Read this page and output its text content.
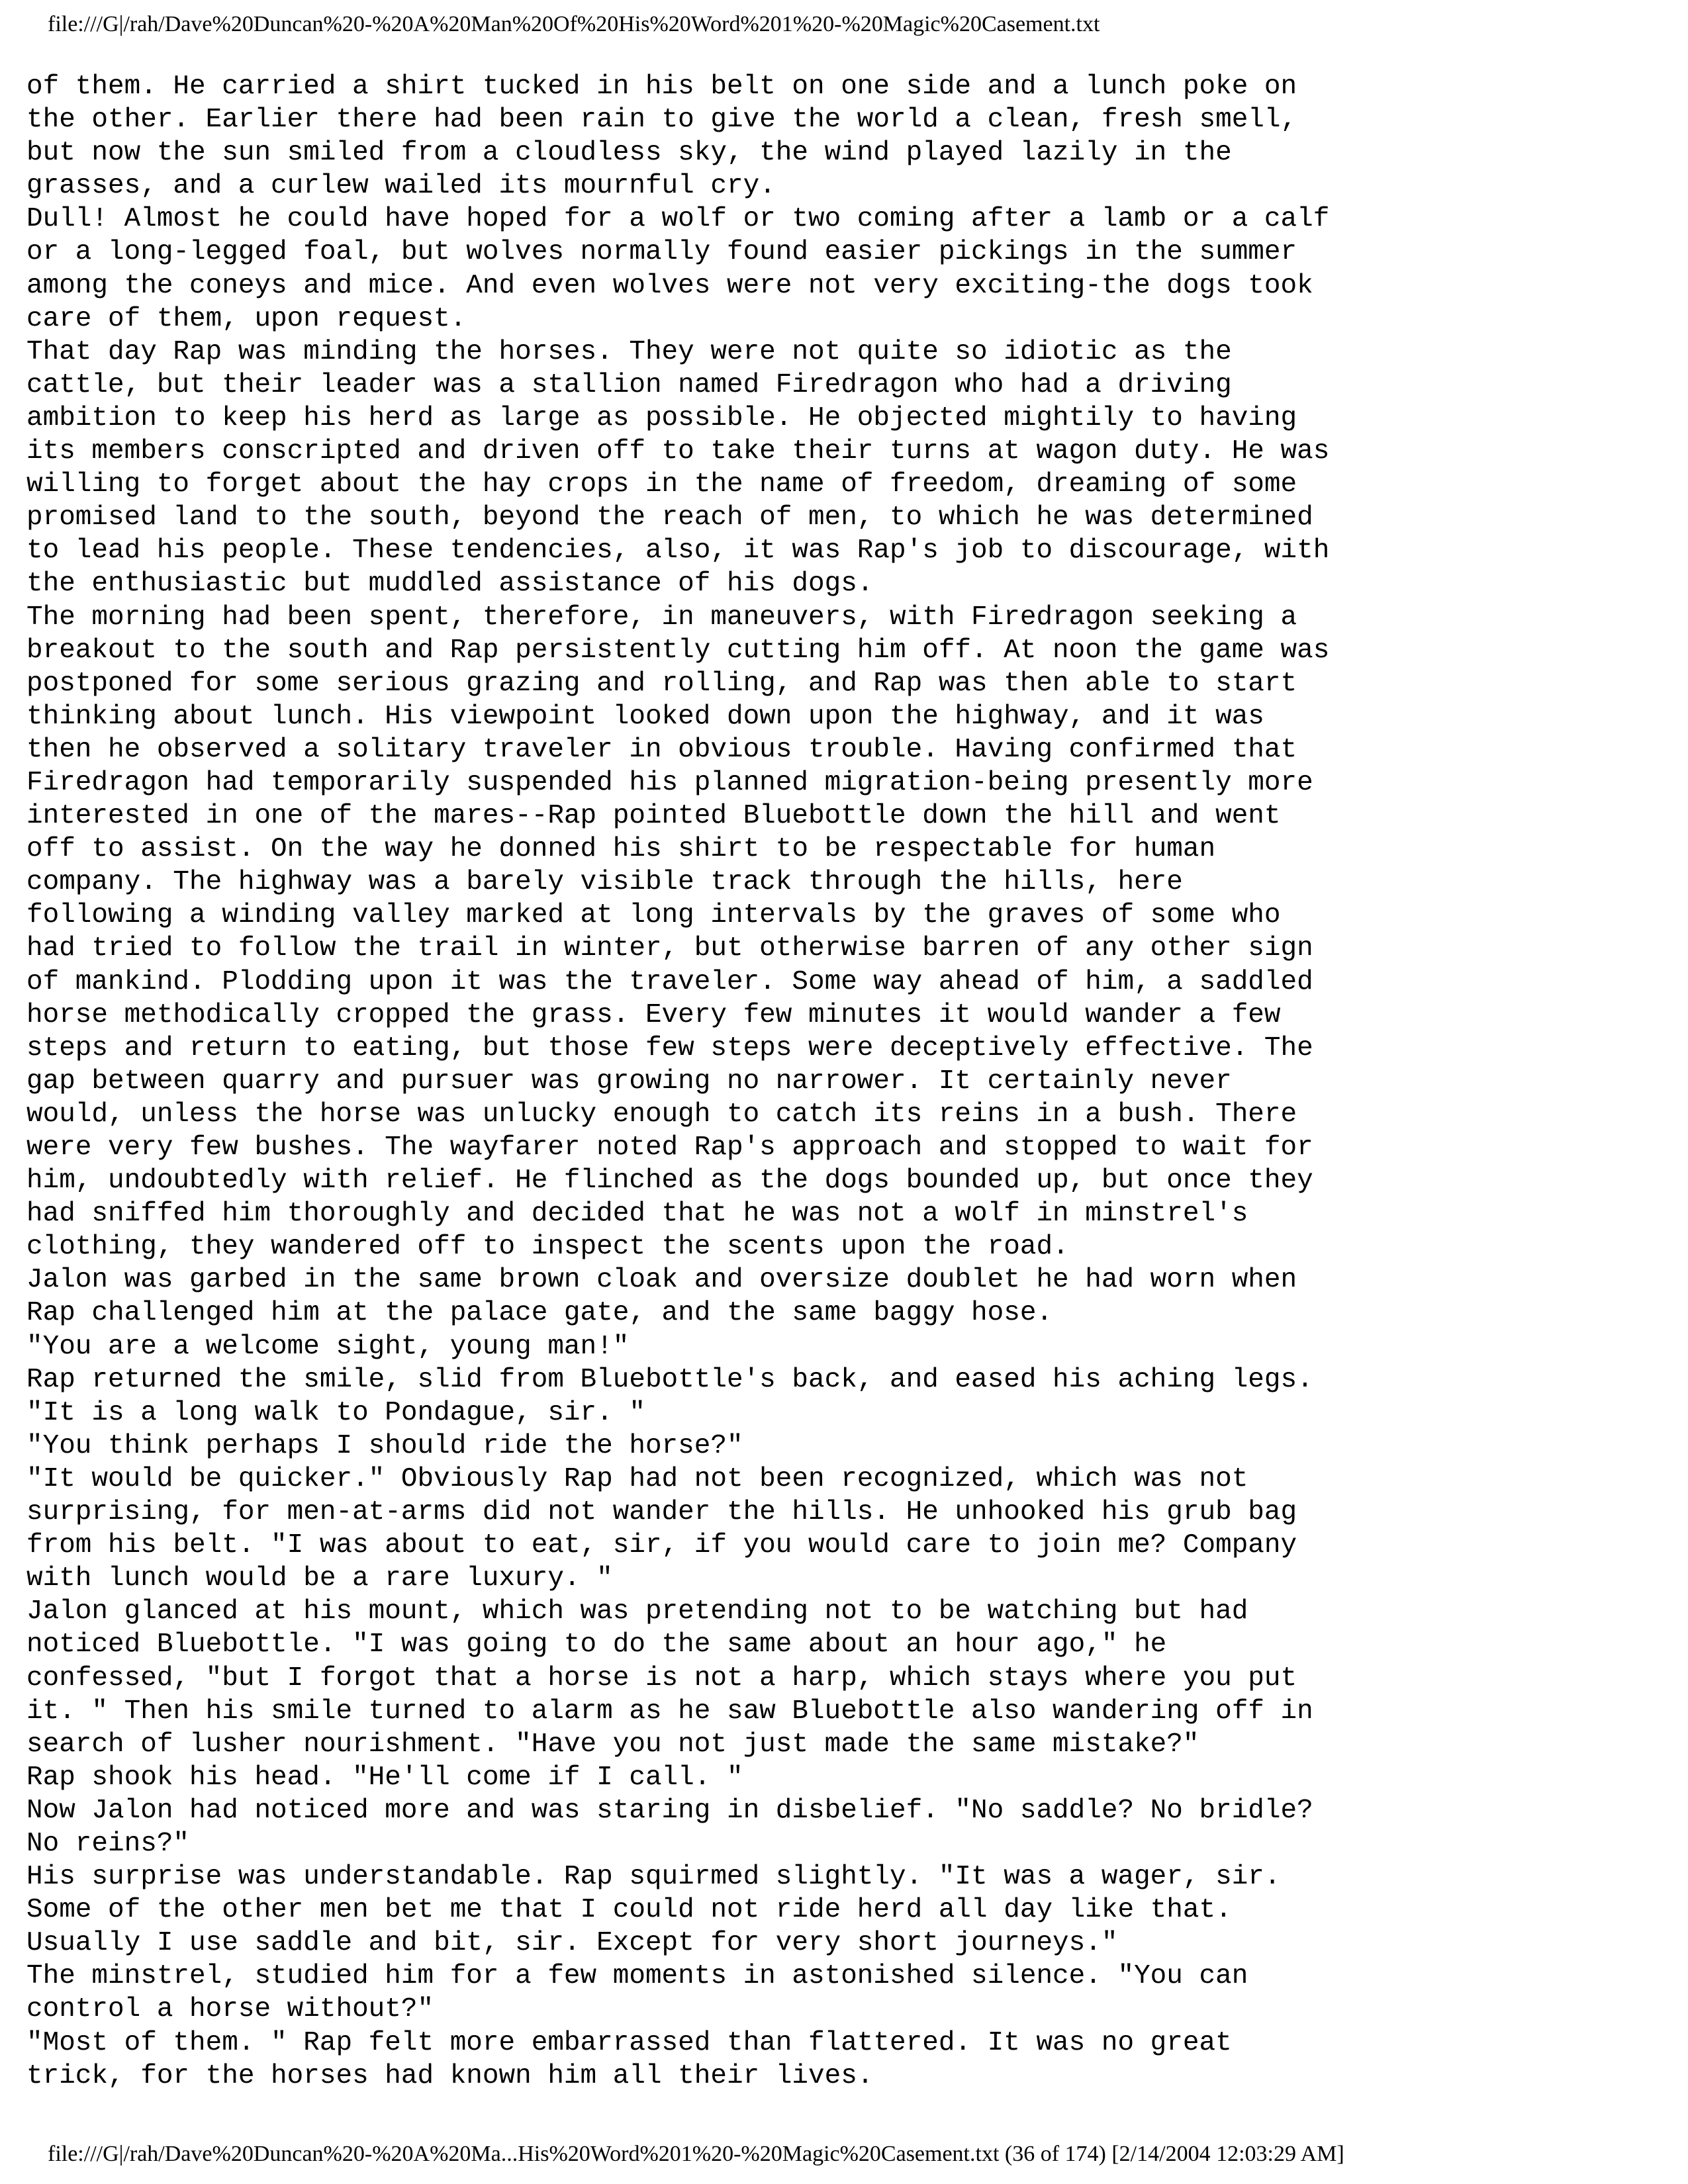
file:///G|/rah/Dave%20Duncan%20-%20A%20Man%20Of%20His%20Word%201%20-%20Magic%20Casement.txt
of them. He carried a shirt tucked in his belt on one side and a lunch poke on
the other. Earlier there had been rain to give the world a clean, fresh smell,
but now the sun smiled from a cloudless sky, the wind played lazily in the
grasses, and a curlew wailed its mournful cry.
Dull! Almost he could have hoped for a wolf or two coming after a lamb or a calf
or a long-legged foal, but wolves normally found easier pickings in the summer
among the coneys and mice. And even wolves were not very exciting-the dogs took
care of them, upon request.
That day Rap was minding the horses. They were not quite so idiotic as the
cattle, but their leader was a stallion named Firedragon who had a driving
ambition to keep his herd as large as possible. He objected mightily to having
its members conscripted and driven off to take their turns at wagon duty. He was
willing to forget about the hay crops in the name of freedom, dreaming of some
promised land to the south, beyond the reach of men, to which he was determined
to lead his people. These tendencies, also, it was Rap's job to discourage, with
the enthusiastic but muddled assistance of his dogs.
The morning had been spent, therefore, in maneuvers, with Firedragon seeking a
breakout to the south and Rap persistently cutting him off. At noon the game was
postponed for some serious grazing and rolling, and Rap was then able to start
thinking about lunch. His viewpoint looked down upon the highway, and it was
then he observed a solitary traveler in obvious trouble. Having confirmed that
Firedragon had temporarily suspended his planned migration-being presently more
interested in one of the mares--Rap pointed Bluebottle down the hill and went
off to assist. On the way he donned his shirt to be respectable for human
company. The highway was a barely visible track through the hills, here
following a winding valley marked at long intervals by the graves of some who
had tried to follow the trail in winter, but otherwise barren of any other sign
of mankind. Plodding upon it was the traveler. Some way ahead of him, a saddled
horse methodically cropped the grass. Every few minutes it would wander a few
steps and return to eating, but those few steps were deceptively effective. The
gap between quarry and pursuer was growing no narrower. It certainly never
would, unless the horse was unlucky enough to catch its reins in a bush. There
were very few bushes. The wayfarer noted Rap's approach and stopped to wait for
him, undoubtedly with relief. He flinched as the dogs bounded up, but once they
had sniffed him thoroughly and decided that he was not a wolf in minstrel's
clothing, they wandered off to inspect the scents upon the road.
Jalon was garbed in the same brown cloak and oversize doublet he had worn when
Rap challenged him at the palace gate, and the same baggy hose.
"You are a welcome sight, young man!"
Rap returned the smile, slid from Bluebottle's back, and eased his aching legs.
"It is a long walk to Pondague, sir. "
"You think perhaps I should ride the horse?"
"It would be quicker." Obviously Rap had not been recognized, which was not
surprising, for men-at-arms did not wander the hills. He unhooked his grub bag
from his belt. "I was about to eat, sir, if you would care to join me? Company
with lunch would be a rare luxury. "
Jalon glanced at his mount, which was pretending not to be watching but had
noticed Bluebottle. "I was going to do the same about an hour ago," he
confessed, "but I forgot that a horse is not a harp, which stays where you put
it. " Then his smile turned to alarm as he saw Bluebottle also wandering off in
search of lusher nourishment. "Have you not just made the same mistake?"
Rap shook his head. "He'll come if I call. "
Now Jalon had noticed more and was staring in disbelief. "No saddle? No bridle?
No reins?"
His surprise was understandable. Rap squirmed slightly. "It was a wager, sir.
Some of the other men bet me that I could not ride herd all day like that.
Usually I use saddle and bit, sir. Except for very short journeys."
The minstrel, studied him for a few moments in astonished silence. "You can
control a horse without?"
"Most of them. " Rap felt more embarrassed than flattered. It was no great
trick, for the horses had known him all their lives.
file:///G|/rah/Dave%20Duncan%20-%20A%20Ma...His%20Word%201%20-%20Magic%20Casement.txt (36 of 174) [2/14/2004 12:03:29 AM]
